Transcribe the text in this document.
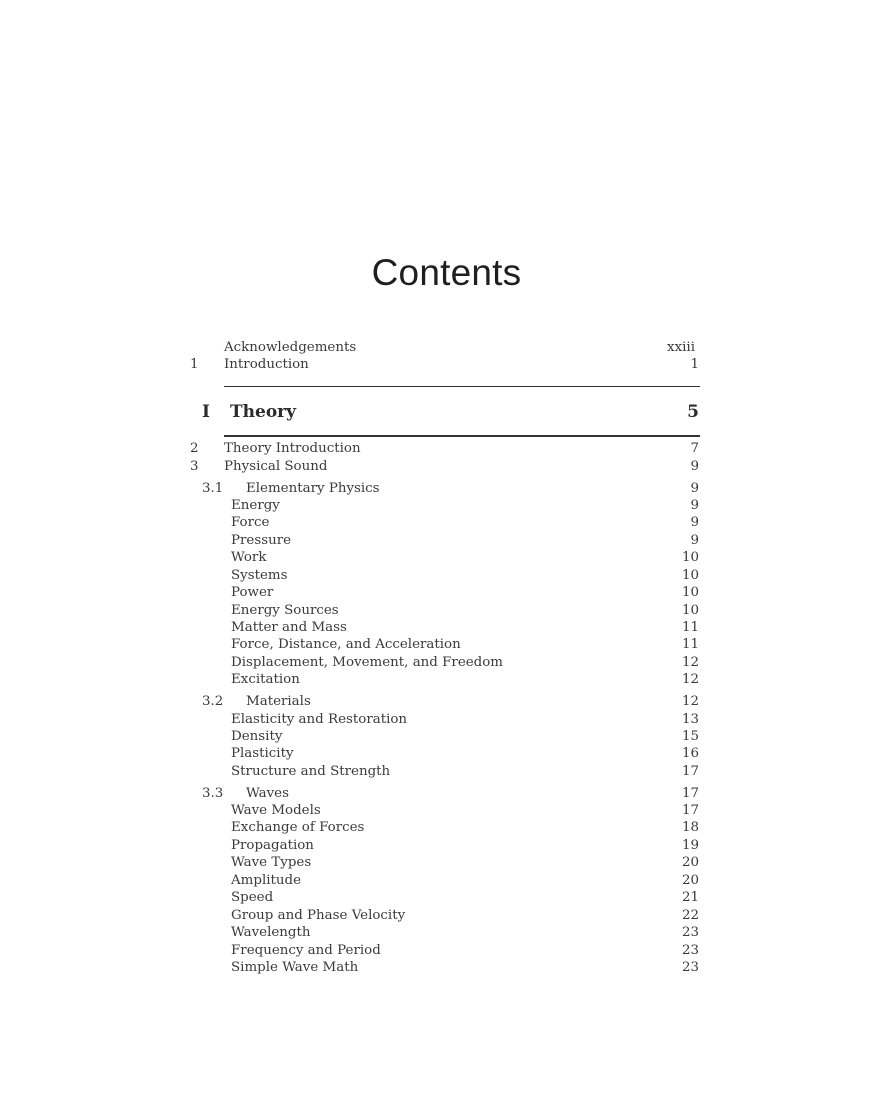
Contents
Acknowledgements	xxiii
1 Introduction	1
I Theory	5
2 Theory Introduction	7
3 Physical Sound	9
3.1 Elementary Physics	9
Energy	9
Force	9
Pressure	9
Work	10
Systems	10
Power	10
Energy Sources	10
Matter and Mass	11
Force, Distance, and Acceleration	11
Displacement, Movement, and Freedom	12
Excitation	12
3.2 Materials	12
Elasticity and Restoration	13
Density	15
Plasticity	16
Structure and Strength	17
3.3 Waves	17
Wave Models	17
Exchange of Forces	18
Propagation	19
Wave Types	20
Amplitude	20
Speed	21
Group and Phase Velocity	22
Wavelength	23
Frequency and Period	23
Simple Wave Math	23
